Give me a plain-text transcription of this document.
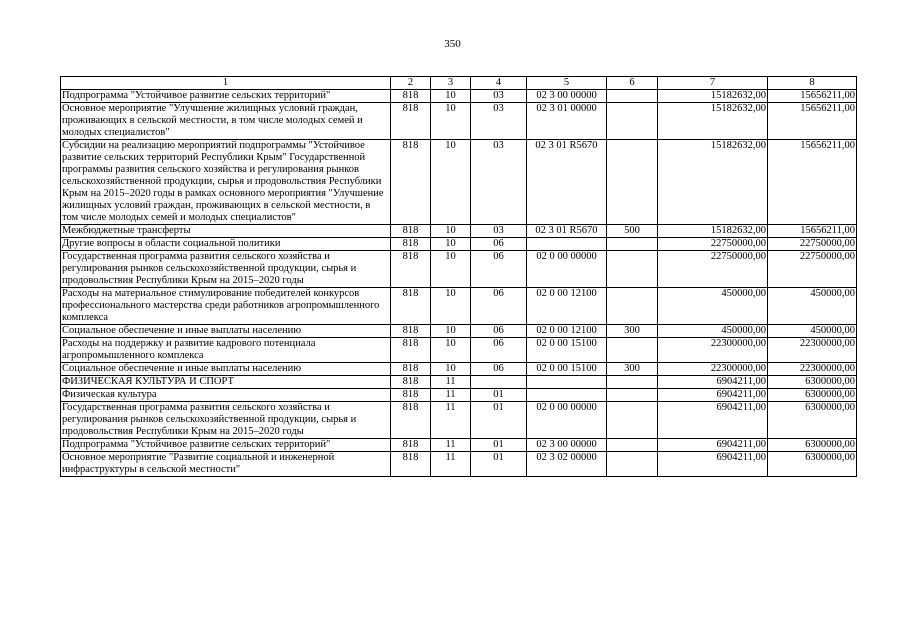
350
1	2	3	4	5	6	7	8
Подпрограмма "Устойчивое развитие сельских территорий"	818	10	03	02 3 00 00000		15182632,00	15656211,00
Основное мероприятие "Улучшение жилищных условий граждан, проживающих в сельской местности, в том числе молодых семей и молодых специалистов"	818	10	03	02 3 01 00000		15182632,00	15656211,00
Субсидии на реализацию мероприятий подпрограммы "Устойчивое развитие сельских территорий Республики Крым" Государственной программы развития сельского хозяйства и регулирования рынков сельскохозяйственной продукции, сырья и продовольствия Республики Крым на 2015–2020 годы в рамках основного мероприятия "Улучшение жилищных условий граждан, проживающих в сельской местности, в том числе молодых семей и молодых специалистов"	818	10	03	02 3 01 R5670		15182632,00	15656211,00
Межбюджетные трансферты	818	10	03	02 3 01 R5670	500	15182632,00	15656211,00
Другие вопросы в области социальной политики	818	10	06			22750000,00	22750000,00
Государственная программа развития сельского хозяйства и регулирования рынков сельскохозяйственной продукции, сырья и продовольствия Республики Крым на 2015–2020 годы	818	10	06	02 0 00 00000		22750000,00	22750000,00
Расходы на материальное стимулирование победителей конкурсов профессионального мастерства среди работников агропромышленного комплекса	818	10	06	02 0 00 12100		450000,00	450000,00
Социальное обеспечение и иные выплаты населению	818	10	06	02 0 00 12100	300	450000,00	450000,00
Расходы на поддержку и развитие кадрового потенциала агропромышленного комплекса	818	10	06	02 0 00 15100		22300000,00	22300000,00
Социальное обеспечение и иные выплаты населению	818	10	06	02 0 00 15100	300	22300000,00	22300000,00
ФИЗИЧЕСКАЯ КУЛЬТУРА И СПОРТ	818	11				6904211,00	6300000,00
Физическая культура	818	11	01			6904211,00	6300000,00
Государственная программа развития сельского хозяйства и регулирования рынков сельскохозяйственной продукции, сырья и продовольствия Республики Крым на 2015–2020 годы	818	11	01	02 0 00 00000		6904211,00	6300000,00
Подпрограмма "Устойчивое развитие сельских территорий"	818	11	01	02 3 00 00000		6904211,00	6300000,00
Основное мероприятие "Развитие социальной и инженерной инфраструктуры в сельской местности"	818	11	01	02 3 02 00000		6904211,00	6300000,00
